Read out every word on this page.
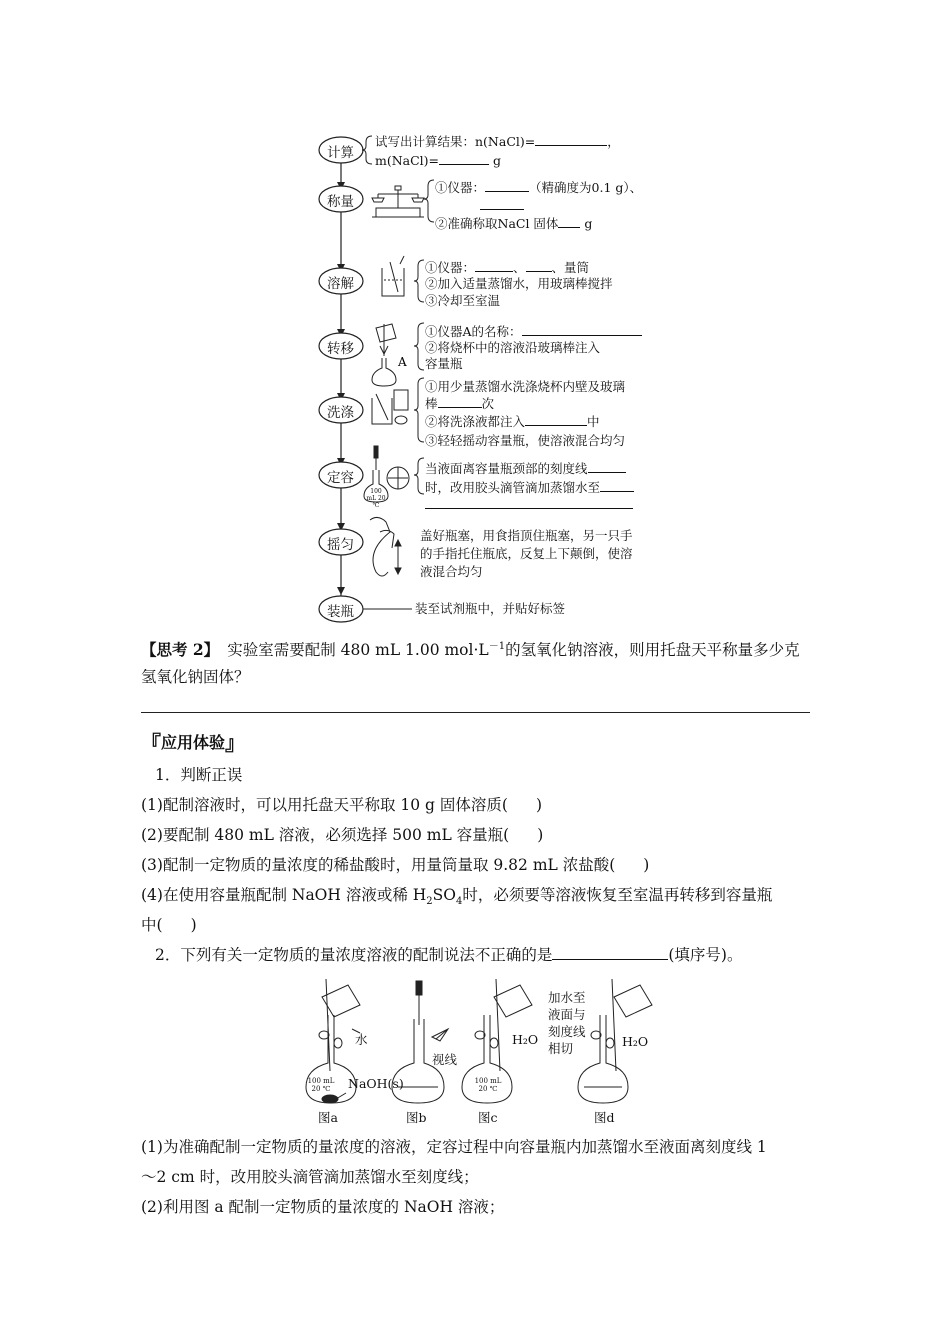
A
计算
称量
溶解
转移
洗涤
定容
摇匀
装瓶
试写出计算结果：n(NaCl)=	，
m(NaCl)=	g
①仪器：	（精确度为0.1 g）、
②准确称取NaCl 固体 g
①仪器：	、 、量筒
②加入适量蒸馏水，用玻璃棒搅拌
③冷却至室温
①仪器A的名称：
②将烧杯中的溶液沿玻璃棒注入
容量瓶
①用少量蒸馏水洗涤烧杯内壁及玻璃
棒	次
②将洗涤液都注入	中
③轻轻摇动容量瓶，使溶液混合均匀
当液面离容量瓶颈部的刻度线
时，改用胶头滴管滴加蒸馏水至
100 mL 20 ℃
盖好瓶塞，用食指顶住瓶塞，另一只手
的手指托住瓶底，反复上下颠倒，使溶
液混合均匀
装至试剂瓶中，并贴好标签
【思考 2】 实验室需要配制 480 mL 1.00 $mol\cdot L^{-1}$的氢氧化钠溶液，则用托盘天平称量多少克
氢氧化钠固体？
『应用体验』
1．判断正误
(1)配制溶液时，可以用托盘天平称取 10 g 固体溶质( )
(2)要配制 480 mL 溶液，必须选择 500 mL 容量瓶( )
(3)配制一定物质的量浓度的稀盐酸时，用量筒量取 9.82 mL 浓盐酸( )
(4)在使用容量瓶配制 NaOH 溶液或稀 $H_2SO_4$时，必须要等溶液恢复至室温再转移到容量瓶
中( )
2．下列有关一定物质的量浓度溶液的配制说法不正确的是	(填序号)。
水
NaOH(s)
100 mL 20 ℃
视线
H₂O
100 mL 20 ℃
加水至
液面与
刻度线
相切	H₂O
图a	图b	图c	图d
(1)为准确配制一定物质的量浓度的溶液，定容过程中向容量瓶内加蒸馏水至液面离刻度线 1
～2 cm 时，改用胶头滴管滴加蒸馏水至刻度线；
(2)利用图 a 配制一定物质的量浓度的 NaOH 溶液；
